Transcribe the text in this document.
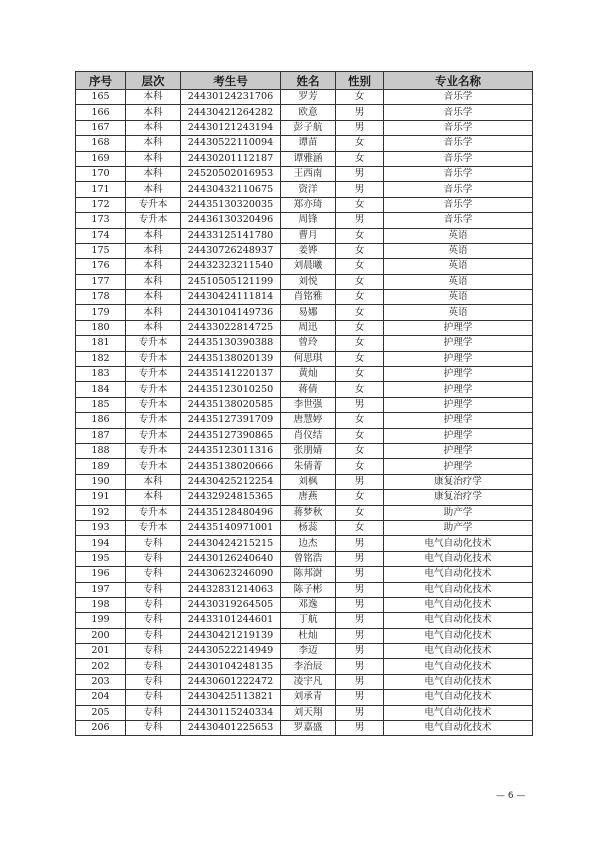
序号	层次	考生号	姓名	性别	专业名称
165	本科	24430124231706	罗芳	女	音乐学
166	本科	24430421264282	欧意	男	音乐学
167	本科	24430121243194	彭子航	男	音乐学
168	本科	24430522110094	谭苗	女	音乐学
169	本科	24430201112187	谭雅涵	女	音乐学
170	本科	24520502016953	王西南	男	音乐学
171	本科	24430432110675	资洋	男	音乐学
172	专升本	24435130320035	郑亦琦	女	音乐学
173	专升本	24436130320496	周锋	男	音乐学
174	本科	24433125141780	曹月	女	英语
175	本科	24430726248937	姜铧	女	英语
176	本科	24432323211540	刘晨曦	女	英语
177	本科	24510505121199	刘悦	女	英语
178	本科	24430424111814	肖铭雅	女	英语
179	本科	24430104149736	易娜	女	英语
180	本科	24433022814725	周迅	女	护理学
181	专升本	24435130390388	曾玲	女	护理学
182	专升本	24435138020139	何思琪	女	护理学
183	专升本	24435141220137	黄灿	女	护理学
184	专升本	24435123010250	蒋倩	女	护理学
185	专升本	24435138020585	李世强	男	护理学
186	专升本	24435127391709	唐慧婷	女	护理学
187	专升本	24435127390865	肖仪结	女	护理学
188	专升本	24435123011316	张朋婧	女	护理学
189	专升本	24435138020666	朱倩菁	女	护理学
190	本科	24430425212254	刘枫	男	康复治疗学
191	本科	24432924815365	唐燕	女	康复治疗学
192	专升本	24435128480496	蒋梦秋	女	助产学
193	专升本	24435140971001	杨蕊	女	助产学
194	专科	24430424215215	边杰	男	电气自动化技术
195	专科	24430126240640	曾铭浩	男	电气自动化技术
196	专科	24430623246090	陈邦澍	男	电气自动化技术
197	专科	24432831214063	陈子彬	男	电气自动化技术
198	专科	24430319264505	邓逸	男	电气自动化技术
199	专科	24433101244601	丁航	男	电气自动化技术
200	专科	24430421219139	杜灿	男	电气自动化技术
201	专科	24430522214949	李迈	男	电气自动化技术
202	专科	24430104248135	李治辰	男	电气自动化技术
203	专科	24430601222472	凌宇凡	男	电气自动化技术
204	专科	24430425113821	刘承青	男	电气自动化技术
205	专科	24430115240334	刘天翔	男	电气自动化技术
206	专科	24430401225653	罗嘉盛	男	电气自动化技术
— 6 —
